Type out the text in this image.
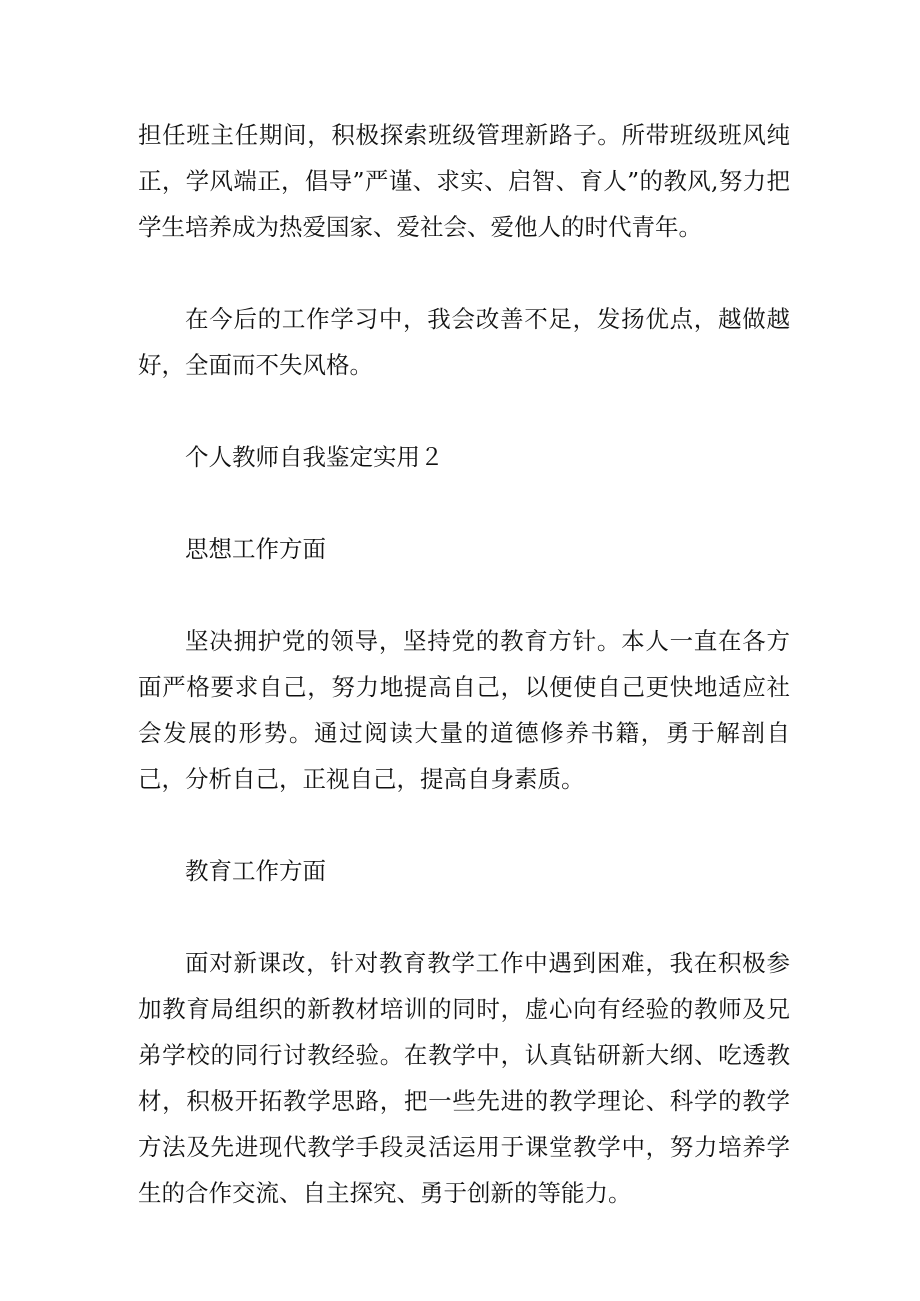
担任班主任期间，积极探索班级管理新路子。所带班级班风纯正，学风端正，倡导”严谨、求实、启智、育人”的教风,努力把学生培养成为热爱国家、爱社会、爱他人的时代青年。

在今后的工作学习中，我会改善不足，发扬优点，越做越好，全面而不失风格。

个人教师自我鉴定实用２

思想工作方面

坚决拥护党的领导，坚持党的教育方针。本人一直在各方面严格要求自己，努力地提高自己，以便使自己更快地适应社会发展的形势。通过阅读大量的道德修养书籍，勇于解剖自己，分析自己，正视自己，提高自身素质。

教育工作方面

面对新课改，针对教育教学工作中遇到困难，我在积极参加教育局组织的新教材培训的同时，虚心向有经验的教师及兄弟学校的同行讨教经验。在教学中，认真钻研新大纲、吃透教材，积极开拓教学思路，把一些先进的教学理论、科学的教学方法及先进现代教学手段灵活运用于课堂教学中，努力培养学生的合作交流、自主探究、勇于创新的等能力。
